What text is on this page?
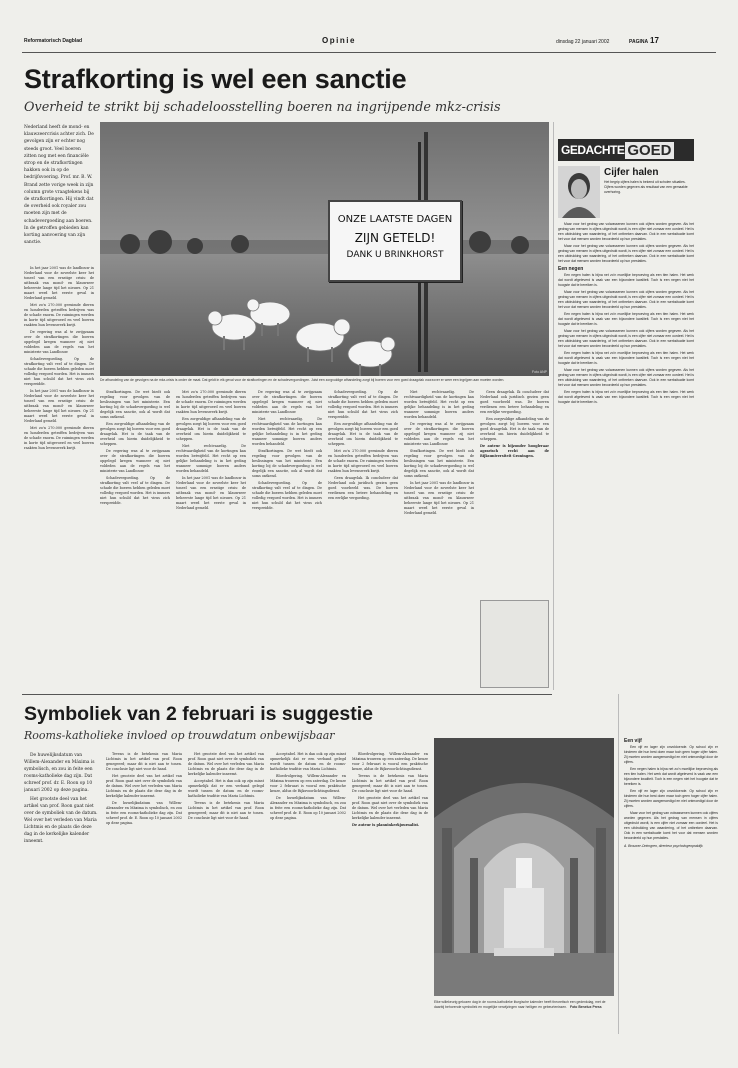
Reformatorisch Dagblad	Opinie	dinsdag 22 januari 2002	PAGINA 17
Strafkorting is wel een sanctie
Overheid te strikt bij schadeloosstelling boeren na ingrijpende mkz-crisis
Nederland heeft de mond- en klauwzeercrisis achter zich. De gevolgen zijn er echter nog steeds groot. Veel boeren zitten nog met een financiële strop en de strafkortingen hakken ook in op de bedrijfsvoering. Prof. mr. B. W. Brand zette vorige week in zijn column grote vraagtekens bij de strafkortingen. Hij vindt dat de overheid ook royaler zou moeten zijn met de schadevergoeding aan boeren. In de getroffen gebieden kan korting aanvoering van zijn sanctie.
ONZE LAATSTE DAGEN
ZIJN GETELD!
DANK U BRINKHORST
Foto ANP
De afhandeling van de gevolgen na de mkz-crisis is onder de maat. Dat geldt in elk geval voor de strafkortingen en de schadevergoedingen. Juist een zorgvuldige afhandeling zorgt bij boeren voor een goed draagvlak voorzover er weer een ingrijpen aan moeten worden.

In het jaar 2001 was de landbouw in Nederland voor de zoveelste keer het toneel van een ernstige crisis: de uitbraak van mond- en klauwzeer beheerste lange tijd het nieuws. Op 21 maart werd het eerste geval in Nederland gemeld.

Met zo'n 270.000 geruimde dieren en honderden getroffen bedrijven was de schade enorm. De ruimingen werden in korte tijd uitgevoerd en veel boeren raakten hun levenswerk kwijt.

De regering was al te zwijgzaam over de strafkortingen die boeren opgelegd kregen wanneer zij niet voldeden aan de regels van het ministerie van Landbouw.

Schadevergoeding. Op de strafkorting valt veel af te dingen. De schade die boeren hebben geleden moet volledig vergoed worden. Het is immers niet hun schuld dat het virus zich verspreidde.

In het jaar 2001 was de landbouw in Nederland voor de zoveelste keer het toneel van een ernstige crisis: de uitbraak van mond- en klauwzeer beheerste lange tijd het nieuws. Op 21 maart werd het eerste geval in Nederland gemeld.

Met zo'n 270.000 geruimde dieren en honderden getroffen bedrijven was de schade enorm. De ruimingen werden in korte tijd uitgevoerd en veel boeren raakten hun levenswerk kwijt.

Strafkortingen. De wet biedt ook regeling voor gevolgen van de beslissingen van het ministerie. Een korting bij de schadevergoeding is wel degelijk een sanctie, ook al wordt dat soms ontkend.

Een zorgvuldige afhandeling van de gevolgen zorgt bij boeren voor een goed draagvlak. Het is de taak van de overheid om hierin duidelijkheid te scheppen.

De regering was al te zwijgzaam over de strafkortingen die boeren opgelegd kregen wanneer zij niet voldeden aan de regels van het ministerie van Landbouw.

Schadevergoeding. Op de strafkorting valt veel af te dingen. De schade die boeren hebben geleden moet volledig vergoed worden. Het is immers niet hun schuld dat het virus zich verspreidde.

Met zo'n 270.000 geruimde dieren en honderden getroffen bedrijven was de schade enorm. De ruimingen werden in korte tijd uitgevoerd en veel boeren raakten hun levenswerk kwijt.

Een zorgvuldige afhandeling van de gevolgen zorgt bij boeren voor een goed draagvlak. Het is de taak van de overheid om hierin duidelijkheid te scheppen.

Niet rechtvaardig. De rechtvaardigheid van de kortingen kan worden betwijfeld. Het recht op een gelijke behandeling is in het geding wanneer sommige boeren anders worden behandeld.

In het jaar 2001 was de landbouw in Nederland voor de zoveelste keer het toneel van een ernstige crisis: de uitbraak van mond- en klauwzeer beheerste lange tijd het nieuws. Op 21 maart werd het eerste geval in Nederland gemeld.

De regering was al te zwijgzaam over de strafkortingen die boeren opgelegd kregen wanneer zij niet voldeden aan de regels van het ministerie van Landbouw.

Niet rechtvaardig. De rechtvaardigheid van de kortingen kan worden betwijfeld. Het recht op een gelijke behandeling is in het geding wanneer sommige boeren anders worden behandeld.

Strafkortingen. De wet biedt ook regeling voor gevolgen van de beslissingen van het ministerie. Een korting bij de schadevergoeding is wel degelijk een sanctie, ook al wordt dat soms ontkend.

Schadevergoeding. Op de strafkorting valt veel af te dingen. De schade die boeren hebben geleden moet volledig vergoed worden. Het is immers niet hun schuld dat het virus zich verspreidde.

Schadevergoeding. Op de strafkorting valt veel af te dingen. De schade die boeren hebben geleden moet volledig vergoed worden. Het is immers niet hun schuld dat het virus zich verspreidde.

Een zorgvuldige afhandeling van de gevolgen zorgt bij boeren voor een goed draagvlak. Het is de taak van de overheid om hierin duidelijkheid te scheppen.

Met zo'n 270.000 geruimde dieren en honderden getroffen bedrijven was de schade enorm. De ruimingen werden in korte tijd uitgevoerd en veel boeren raakten hun levenswerk kwijt.

Geen draagvlak. Ik concludeer dat Nederland ook juridisch gezien geen goed voorbeeld was. De boeren verdienen een betere behandeling en een eerlijke vergoeding.

Niet rechtvaardig. De rechtvaardigheid van de kortingen kan worden betwijfeld. Het recht op een gelijke behandeling is in het geding wanneer sommige boeren anders worden behandeld.

De regering was al te zwijgzaam over de strafkortingen die boeren opgelegd kregen wanneer zij niet voldeden aan de regels van het ministerie van Landbouw.

Strafkortingen. De wet biedt ook regeling voor gevolgen van de beslissingen van het ministerie. Een korting bij de schadevergoeding is wel degelijk een sanctie, ook al wordt dat soms ontkend.

In het jaar 2001 was de landbouw in Nederland voor de zoveelste keer het toneel van een ernstige crisis: de uitbraak van mond- en klauwzeer beheerste lange tijd het nieuws. Op 21 maart werd het eerste geval in Nederland gemeld.

Geen draagvlak. Ik concludeer dat Nederland ook juridisch gezien geen goed voorbeeld was. De boeren verdienen een betere behandeling en een eerlijke vergoeding.

Een zorgvuldige afhandeling van de gevolgen zorgt bij boeren voor een goed draagvlak. Het is de taak van de overheid om hierin duidelijkheid te scheppen.

De auteur is bijzonder hoogleraar agrarisch recht aan de Rijksuniversiteit Groningen.
GEDACHTE GOED
Cijfer halen
Het begrip cijfers halen is bekend uit scholen situaties. Cijfers worden gegeven als resultaat van een gemaakte overhoring.

Maar voor het gedrag van volwassenen kunnen ook cijfers worden gegeven. Als het gedrag van mensen in cijfers uitgedrukt wordt, is een cijfer niet zomaar een oordeel. Het is een uitdrukking van waardering, of het ontbreken daarvan. Ook in een werksituatie komt het voor dat mensen worden beoordeeld op hun prestaties.

Maar voor het gedrag van volwassenen kunnen ook cijfers worden gegeven. Als het gedrag van mensen in cijfers uitgedrukt wordt, is een cijfer niet zomaar een oordeel. Het is een uitdrukking van waardering, of het ontbreken daarvan. Ook in een werksituatie komt het voor dat mensen worden beoordeeld op hun prestaties.

Een negen

Een negen halen is bijna net zo'n moeilijke beproeving als een tien halen. Het werk dat wordt afgeleverd is vaak van een bijzondere kwaliteit. Toch is een negen niet het hoogste dat te bereiken is.

Maar voor het gedrag van volwassenen kunnen ook cijfers worden gegeven. Als het gedrag van mensen in cijfers uitgedrukt wordt, is een cijfer niet zomaar een oordeel. Het is een uitdrukking van waardering, of het ontbreken daarvan. Ook in een werksituatie komt het voor dat mensen worden beoordeeld op hun prestaties.

Een negen halen is bijna net zo'n moeilijke beproeving als een tien halen. Het werk dat wordt afgeleverd is vaak van een bijzondere kwaliteit. Toch is een negen niet het hoogste dat te bereiken is.

Maar voor het gedrag van volwassenen kunnen ook cijfers worden gegeven. Als het gedrag van mensen in cijfers uitgedrukt wordt, is een cijfer niet zomaar een oordeel. Het is een uitdrukking van waardering, of het ontbreken daarvan. Ook in een werksituatie komt het voor dat mensen worden beoordeeld op hun prestaties.

Een negen halen is bijna net zo'n moeilijke beproeving als een tien halen. Het werk dat wordt afgeleverd is vaak van een bijzondere kwaliteit. Toch is een negen niet het hoogste dat te bereiken is.

Maar voor het gedrag van volwassenen kunnen ook cijfers worden gegeven. Als het gedrag van mensen in cijfers uitgedrukt wordt, is een cijfer niet zomaar een oordeel. Het is een uitdrukking van waardering, of het ontbreken daarvan. Ook in een werksituatie komt het voor dat mensen worden beoordeeld op hun prestaties.

Een negen halen is bijna net zo'n moeilijke beproeving als een tien halen. Het werk dat wordt afgeleverd is vaak van een bijzondere kwaliteit. Toch is een negen niet het hoogste dat te bereiken is.

Symboliek van 2 februari is suggestie
Rooms-katholieke invloed op trouwdatum onbewijsbaar

De huwelijksdatum van Willem-Alexander en Máxima is symbolisch, en zou in feite een rooms-katholieke dag zijn. Dat schreef prof. dr. E. Roon op 10 januari 2002 op deze pagina.

Het grootste deel van het artikel van prof. Roon gaat niet over de symboliek van de datum. Wel over het verleden van Maria Lichtmis en de plaats die deze dag in de kerkelijke kalender inneemt.

Tevens is de betekenis van Maria Lichtmis in het artikel van prof. Roon genegeerd; maar dit is niet aan te tonen. De conclusie ligt niet voor de hand.

Het grootste deel van het artikel van prof. Roon gaat niet over de symboliek van de datum. Wel over het verleden van Maria Lichtmis en de plaats die deze dag in de kerkelijke kalender inneemt.

De huwelijksdatum van Willem-Alexander en Máxima is symbolisch, en zou in feite een rooms-katholieke dag zijn. Dat schreef prof. dr. E. Roon op 10 januari 2002 op deze pagina.

Het grootste deel van het artikel van prof. Roon gaat niet over de symboliek van de datum. Wel over het verleden van Maria Lichtmis en de plaats die deze dag in de kerkelijke kalender inneemt.

Acceptabel. Het is dan ook op zijn minst opmerkelijk dat er een verband gelegd wordt tussen de datum en de rooms-katholieke traditie van Maria Lichtmis.

Tevens is de betekenis van Maria Lichtmis in het artikel van prof. Roon genegeerd; maar dit is niet aan te tonen. De conclusie ligt niet voor de hand.

Acceptabel. Het is dan ook op zijn minst opmerkelijk dat er een verband gelegd wordt tussen de datum en de rooms-katholieke traditie van Maria Lichtmis.

Bloedvolgering. Willem-Alexander en Máxima trouwen op een zaterdag. De keuze voor 2 februari is vooral een praktische keuze, aldus de Rijksvoorlichtingsdienst.

De huwelijksdatum van Willem-Alexander en Máxima is symbolisch, en zou in feite een rooms-katholieke dag zijn. Dat schreef prof. dr. E. Roon op 10 januari 2002 op deze pagina.

Bloedvolgering. Willem-Alexander en Máxima trouwen op een zaterdag. De keuze voor 2 februari is vooral een praktische keuze, aldus de Rijksvoorlichtingsdienst.

Tevens is de betekenis van Maria Lichtmis in het artikel van prof. Roon genegeerd; maar dit is niet aan te tonen. De conclusie ligt niet voor de hand.

Het grootste deel van het artikel van prof. Roon gaat niet over de symboliek van de datum. Wel over het verleden van Maria Lichtmis en de plaats die deze dag in de kerkelijke kalender inneemt.

De auteur is planninkerkjournalist.
Elke willekeurig gekozen dag in de rooms-katholieke liturgische kalender heeft theoretisch een gedenkdag, met de daarbij behorende symboliek en mogelijke verwijzingen naar heiligen en gebeurtenissen. Foto Benelux Press
Een vijf

Een vijf en lager zijn onvoldoende. Op school zijn er kinderen die hun best doen maar toch geen hoger cijfer halen. Zij moeten worden aangemoedigd en niet ontmoedigd door de cijfers.

Een negen halen is bijna net zo'n moeilijke beproeving als een tien halen. Het werk dat wordt afgeleverd is vaak van een bijzondere kwaliteit. Toch is een negen niet het hoogste dat te bereiken is.

Een vijf en lager zijn onvoldoende. Op school zijn er kinderen die hun best doen maar toch geen hoger cijfer halen. Zij moeten worden aangemoedigd en niet ontmoedigd door de cijfers.

Maar voor het gedrag van volwassenen kunnen ook cijfers worden gegeven. Als het gedrag van mensen in cijfers uitgedrukt wordt, is een cijfer niet zomaar een oordeel. Het is een uitdrukking van waardering, of het ontbreken daarvan. Ook in een werksituatie komt het voor dat mensen worden beoordeeld op hun prestaties.

A. Brouwer-Ontmgren, directeur psychologenpraktijk
